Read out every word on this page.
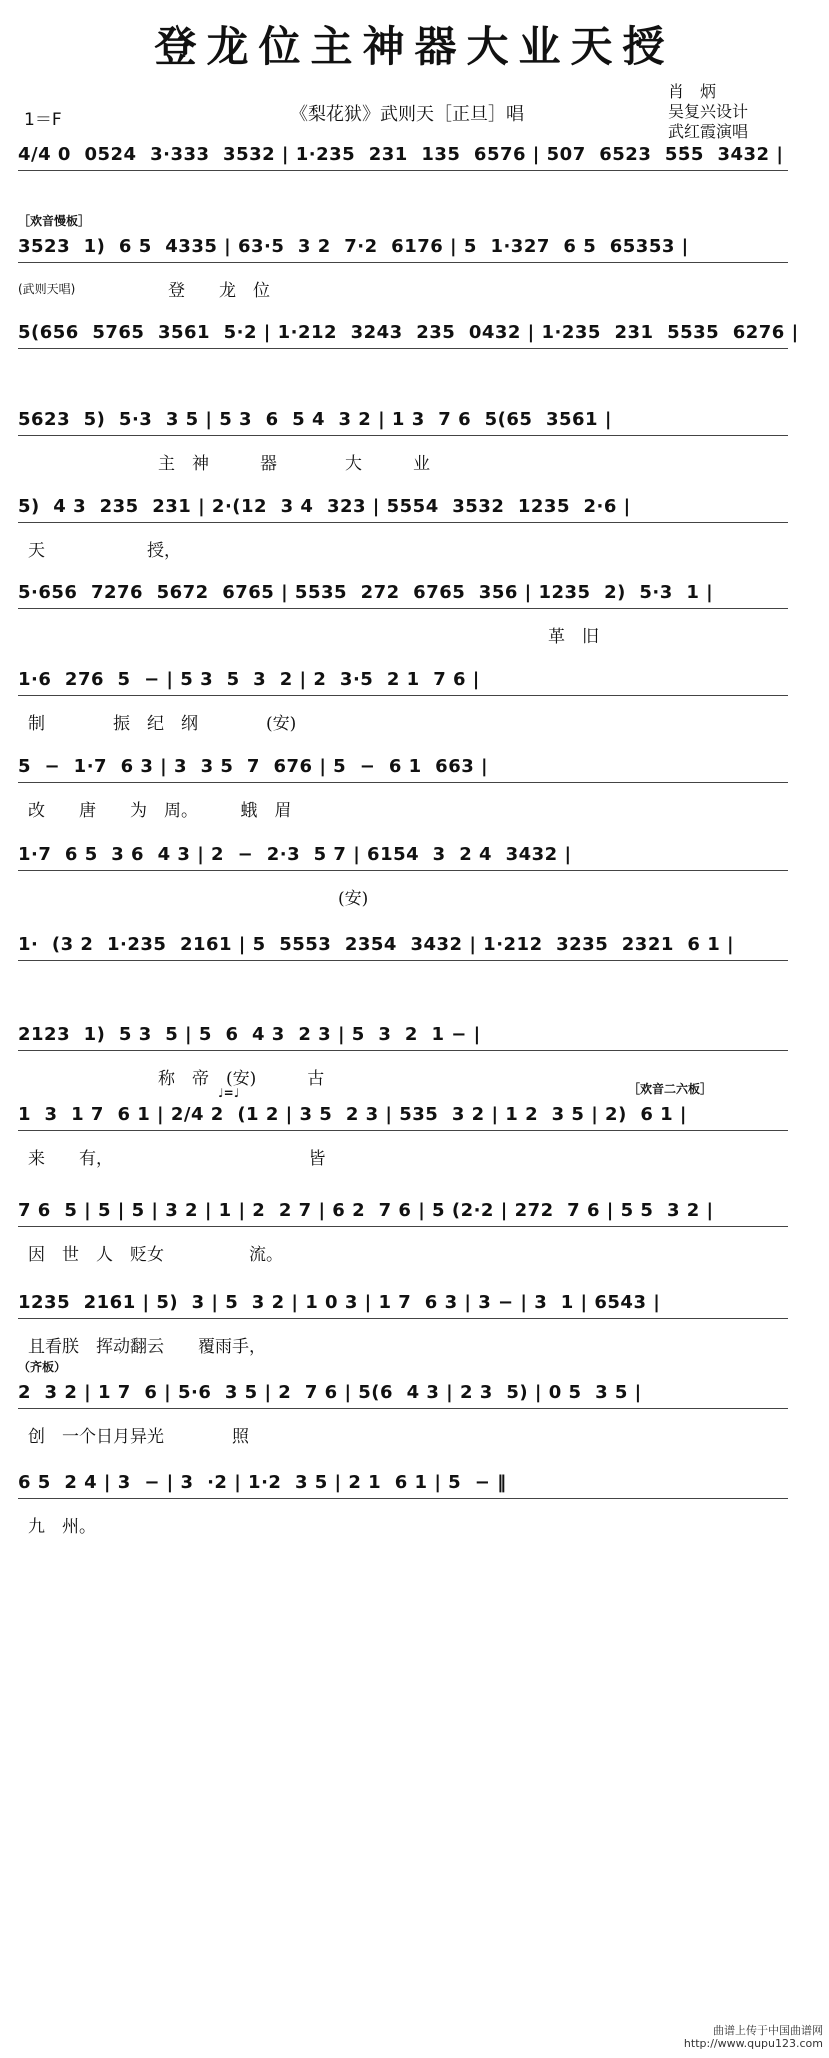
登龙位主神器大业天授
1＝F	《梨花狱》武则天［正旦］唱
肖　炳
吴复兴设计
武红霞演唱
4/4 0  0524  3·333  3532 | 1·235  231  135  6576 | 507  6523  55̇5  3432 |
［欢音慢板］
3523  1)  6 5  4335 | 63·5  3 2  7·2  6176 | 5  1·327  6 5  65353 |
(武则天唱)	登　　龙　位
5(656  5765  3561  5·2 | 1·212  3243  235  0432 | 1·235  231  5535  6276 |
5623  5)  5·3  3 5 | 5 3  6  5 4  3 2 | 1 3  7 6  5(65  3561 |
主　神　　　器　　　　大　　　业
5)  4 3  235  231 | 2·(12  3 4  323 | 5554  3532  1235  2·6 |
天　　　　　　授，
5·656  7276  5672  6765 | 5535  272  6765  356 | 1235  2)  5·3  1 |
革　旧
1·6  276  5  − | 5 3  5  3  2 | 2  3·5  2 1  7 6 |
制　　　　振　纪　纲　　　　(安)
5  −  1·7  6 3 | 3  3 5  7  676 | 5  −  6 1  663 |
改　　唐　　为　周。　　　蛾　眉
1·7  6 5  3 6  4 3 | 2  −  2·3  5 7 | 6154  3  2 4  3432 |
(安)
1·  (3 2  1·235  2161 | 5  5553  2354  3432 | 1·212  3235  2321  6 1 |
2123  1)  5 3  5 | 5  6  4 3  2 3 | 5  3  2  1 − |
称　帝　(安)　　　古	［欢音二六板］
♩=♩
1  3  1 7  6 1 | 2/4 2  (1 2 | 3 5  2 3 | 535  3 2 | 1 2  3 5 | 2)  6 1 |
来　　有，　　　　　　　　　　　　皆
7 6  5 | 5 | 5 | 3 2 | 1 | 2  2 7 | 6 2  7 6 | 5 (2·2 | 272  7 6 | 5 5  3 2 |
因　世　人　贬女　　　　　流。
1235  2161 | 5)  3 | 5  3 2 | 1 0 3 | 1 7  6 3 | 3 − | 3  1 | 6543 |
且看朕　挥动翻云　　覆雨手，
（齐板）
2  3 2 | 1 7  6 | 5·6  3 5 | 2  7 6 | 5(6  4 3 | 2 3  5) | 0 5  3 5 |
创　一个日月异光　　　　照
6 5  2 4 | 3  − | 3  ·2 | 1·2  3 5 | 2 1  6 1 | 5  − ‖
九　州。
曲谱上传于中国曲谱网
http://www.qupu123.com
